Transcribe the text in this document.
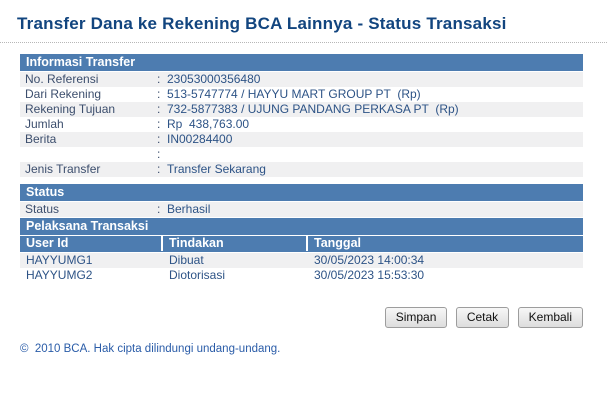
Transfer Dana ke Rekening BCA Lainnya - Status Transaksi
Informasi Transfer
No. Referensi	: 23053000356480
Dari Rekening	: 513-5747774 / HAYYU MART GROUP PT  (Rp)
Rekening Tujuan	: 732-5877383 / UJUNG PANDANG PERKASA PT  (Rp)
Jumlah	: Rp  438,763.00
Berita	: IN00284400
:
Jenis Transfer	: Transfer Sekarang
Status
Status	: Berhasil
Pelaksana Transaksi
User Id	Tindakan	Tanggal
HAYYUMG1	Dibuat	30/05/2023 14:00:34
HAYYUMG2	Diotorisasi	30/05/2023 15:53:30
Simpan	Cetak	Kembali
©  2010 BCA. Hak cipta dilindungi undang-undang.
